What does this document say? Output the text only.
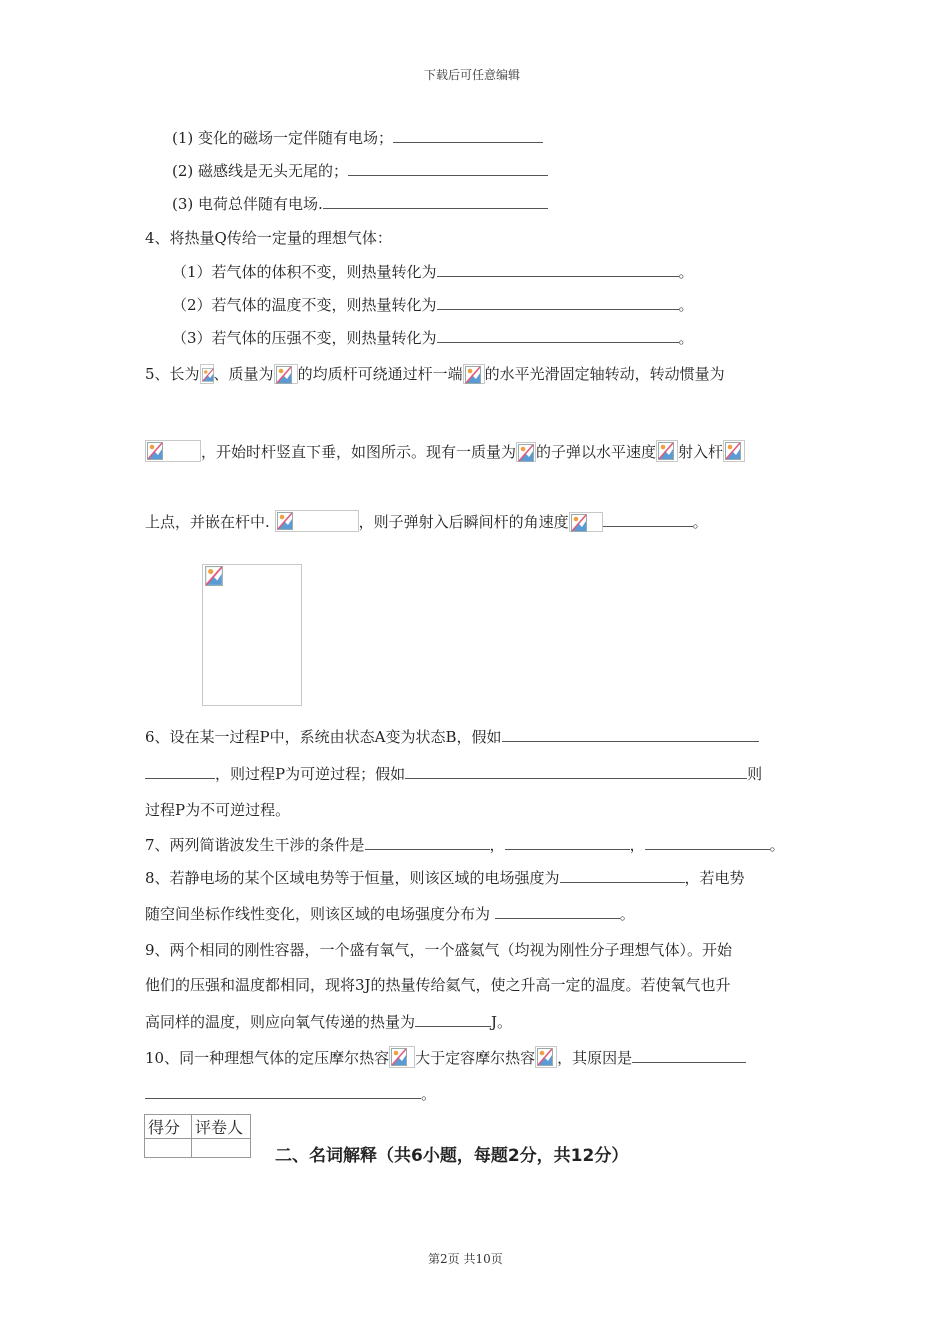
下载后可任意编辑
(1) 变化的磁场一定伴随有电场；
(2) 磁感线是无头无尾的；
(3) 电荷总伴随有电场.
4、将热量Q传给一定量的理想气体：
（1）若气体的体积不变，则热量转化为	。
（2）若气体的温度不变，则热量转化为	。
（3）若气体的压强不变，则热量转化为	。
5、长为 、质量为 的均质杆可绕通过杆一端 的水平光滑固定轴转动，转动惯量为
，开始时杆竖直下垂，如图所示。现有一质量为 的子弹以水平速度 射入杆
上点，并嵌在杆中.	，则子弹射入后瞬间杆的角速度	。
6、设在某一过程P中，系统由状态A变为状态B，假如
，则过程P为可逆过程；假如	则
过程P为不可逆过程。
7、两列简谐波发生干涉的条件是	，	，	。
8、若静电场的某个区域电势等于恒量，则该区域的电场强度为	，若电势
随空间坐标作线性变化，则该区域的电场强度分布为	。
9、两个相同的刚性容器，一个盛有氧气，一个盛氦气（均视为刚性分子理想气体）。开始
他们的压强和温度都相同，现将3J的热量传给氦气，使之升高一定的温度。若使氧气也升
高同样的温度，则应向氧气传递的热量为	J。
10、同一种理想气体的定压摩尔热容 大于定容摩尔热容 ，其原因是
。
得分	评卷人

二、名词解释（共6小题，每题2分，共12分）
第2页 共10页
